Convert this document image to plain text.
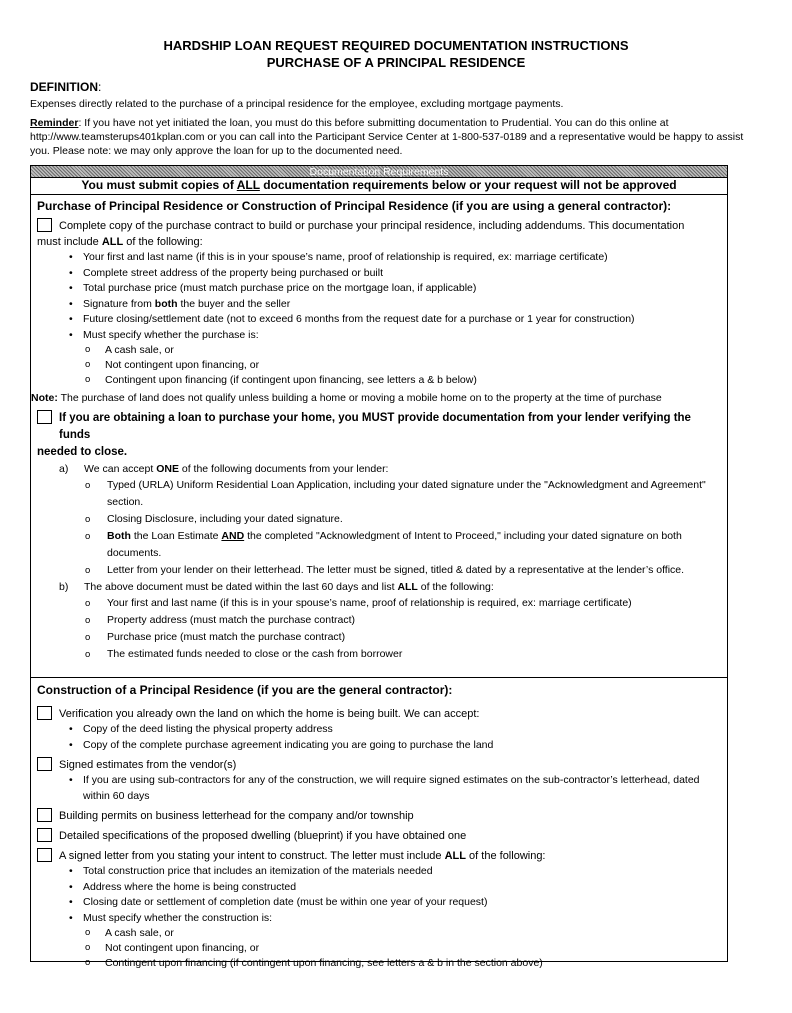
HARDSHIP LOAN REQUEST REQUIRED DOCUMENTATION INSTRUCTIONS
PURCHASE OF A PRINCIPAL RESIDENCE
DEFINITION:
Expenses directly related to the purchase of a principal residence for the employee, excluding mortgage payments.
Reminder: If you have not yet initiated the loan, you must do this before submitting documentation to Prudential. You can do this online at http://www.teamsterups401kplan.com or you can call into the Participant Service Center at 1-800-537-0189 and a representative would be happy to assist you. Please note: we may only approve the loan for up to the documented need.
Documentation Requirements
You must submit copies of ALL documentation requirements below or your request will not be approved
Purchase of Principal Residence or Construction of Principal Residence (if you are using a general contractor):
Complete copy of the purchase contract to build or purchase your principal residence, including addendums. This documentation
must include ALL of the following:
• Your first and last name (if this is in your spouse’s name, proof of relationship is required, ex: marriage certificate)
• Complete street address of the property being purchased or built
• Total purchase price (must match purchase price on the mortgage loan, if applicable)
• Signature from both the buyer and the seller
• Future closing/settlement date (not to exceed 6 months from the request date for a purchase or 1 year for construction)
• Must specify whether the purchase is:
o A cash sale, or
o Not contingent upon financing, or
o Contingent upon financing (if contingent upon financing, see letters a & b below)
Note: The purchase of land does not qualify unless building a home or moving a mobile home on to the property at the time of purchase
If you are obtaining a loan to purchase your home, you MUST provide documentation from your lender verifying the funds
needed to close.
a) We can accept ONE of the following documents from your lender:
o Typed (URLA) Uniform Residential Loan Application, including your dated signature under the "Acknowledgment and Agreement" section.
o Closing Disclosure, including your dated signature.
o Both the Loan Estimate AND the completed "Acknowledgment of Intent to Proceed," including your dated signature on both documents.
o Letter from your lender on their letterhead. The letter must be signed, titled & dated by a representative at the lender’s office.
b) The above document must be dated within the last 60 days and list ALL of the following:
o Your first and last name (if this is in your spouse’s name, proof of relationship is required, ex: marriage certificate)
o Property address (must match the purchase contract)
o Purchase price (must match the purchase contract)
o The estimated funds needed to close or the cash from borrower
Construction of a Principal Residence (if you are the general contractor):
Verification you already own the land on which the home is being built. We can accept:
• Copy of the deed listing the physical property address
• Copy of the complete purchase agreement indicating you are going to purchase the land
Signed estimates from the vendor(s)
• If you are using sub-contractors for any of the construction, we will require signed estimates on the sub-contractor’s letterhead, dated within 60 days
Building permits on business letterhead for the company and/or township
Detailed specifications of the proposed dwelling (blueprint) if you have obtained one
A signed letter from you stating your intent to construct. The letter must include ALL of the following:
• Total construction price that includes an itemization of the materials needed
• Address where the home is being constructed
• Closing date or settlement of completion date (must be within one year of your request)
• Must specify whether the construction is:
o A cash sale, or
o Not contingent upon financing, or
o Contingent upon financing (if contingent upon financing, see letters a & b in the section above)
